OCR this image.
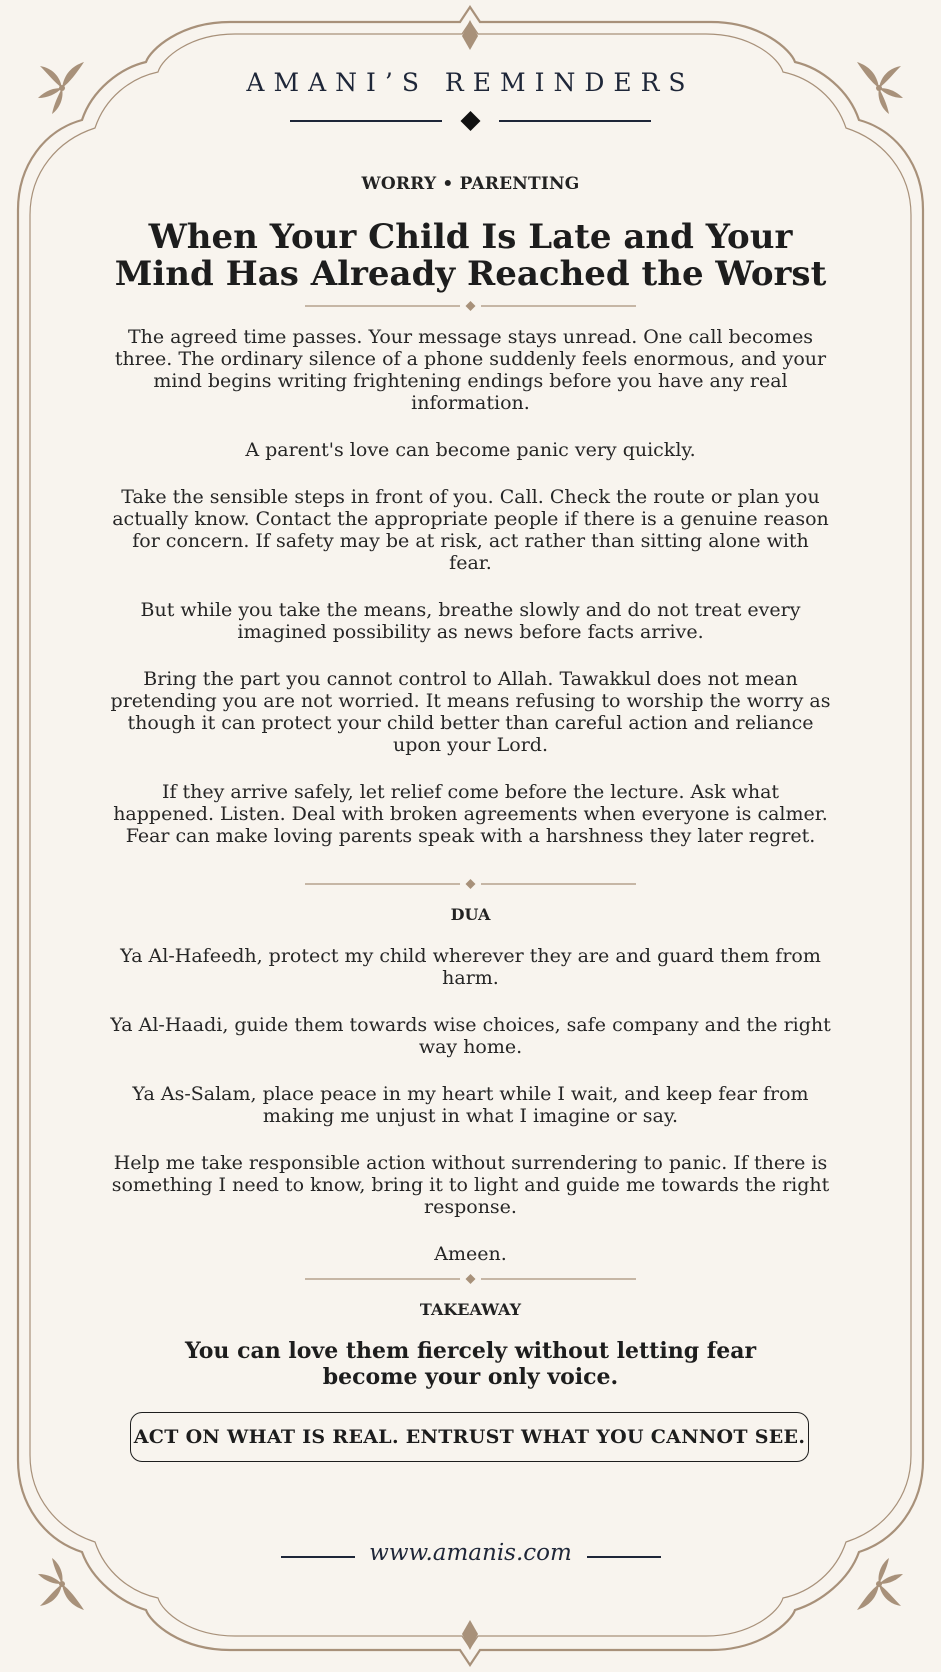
AMANI’S REMINDERS
WORRY • PARENTING
When Your Child Is Late and Your Mind Has Already Reached the Worst

The agreed time passes. Your message stays unread. One call becomes three. The ordinary silence of a phone suddenly feels enormous, and your mind begins writing frightening endings before you have any real information.

A parent's love can become panic very quickly.

Take the sensible steps in front of you. Call. Check the route or plan you actually know. Contact the appropriate people if there is a genuine reason for concern. If safety may be at risk, act rather than sitting alone with fear.

But while you take the means, breathe slowly and do not treat every imagined possibility as news before facts arrive.

Bring the part you cannot control to Allah. Tawakkul does not mean pretending you are not worried. It means refusing to worship the worry as though it can protect your child better than careful action and reliance upon your Lord.

If they arrive safely, let relief come before the lecture. Ask what happened. Listen. Deal with broken agreements when everyone is calmer. Fear can make loving parents speak with a harshness they later regret.

DUA

Ya Al-Hafeedh, protect my child wherever they are and guard them from harm.

Ya Al-Haadi, guide them towards wise choices, safe company and the right way home.

Ya As-Salam, place peace in my heart while I wait, and keep fear from making me unjust in what I imagine or say.

Help me take responsible action without surrendering to panic. If there is something I need to know, bring it to light and guide me towards the right response.

Ameen.

TAKEAWAY

You can love them fiercely without letting fear become your only voice.

ACT ON WHAT IS REAL. ENTRUST WHAT YOU CANNOT SEE.
www.amanis.com
